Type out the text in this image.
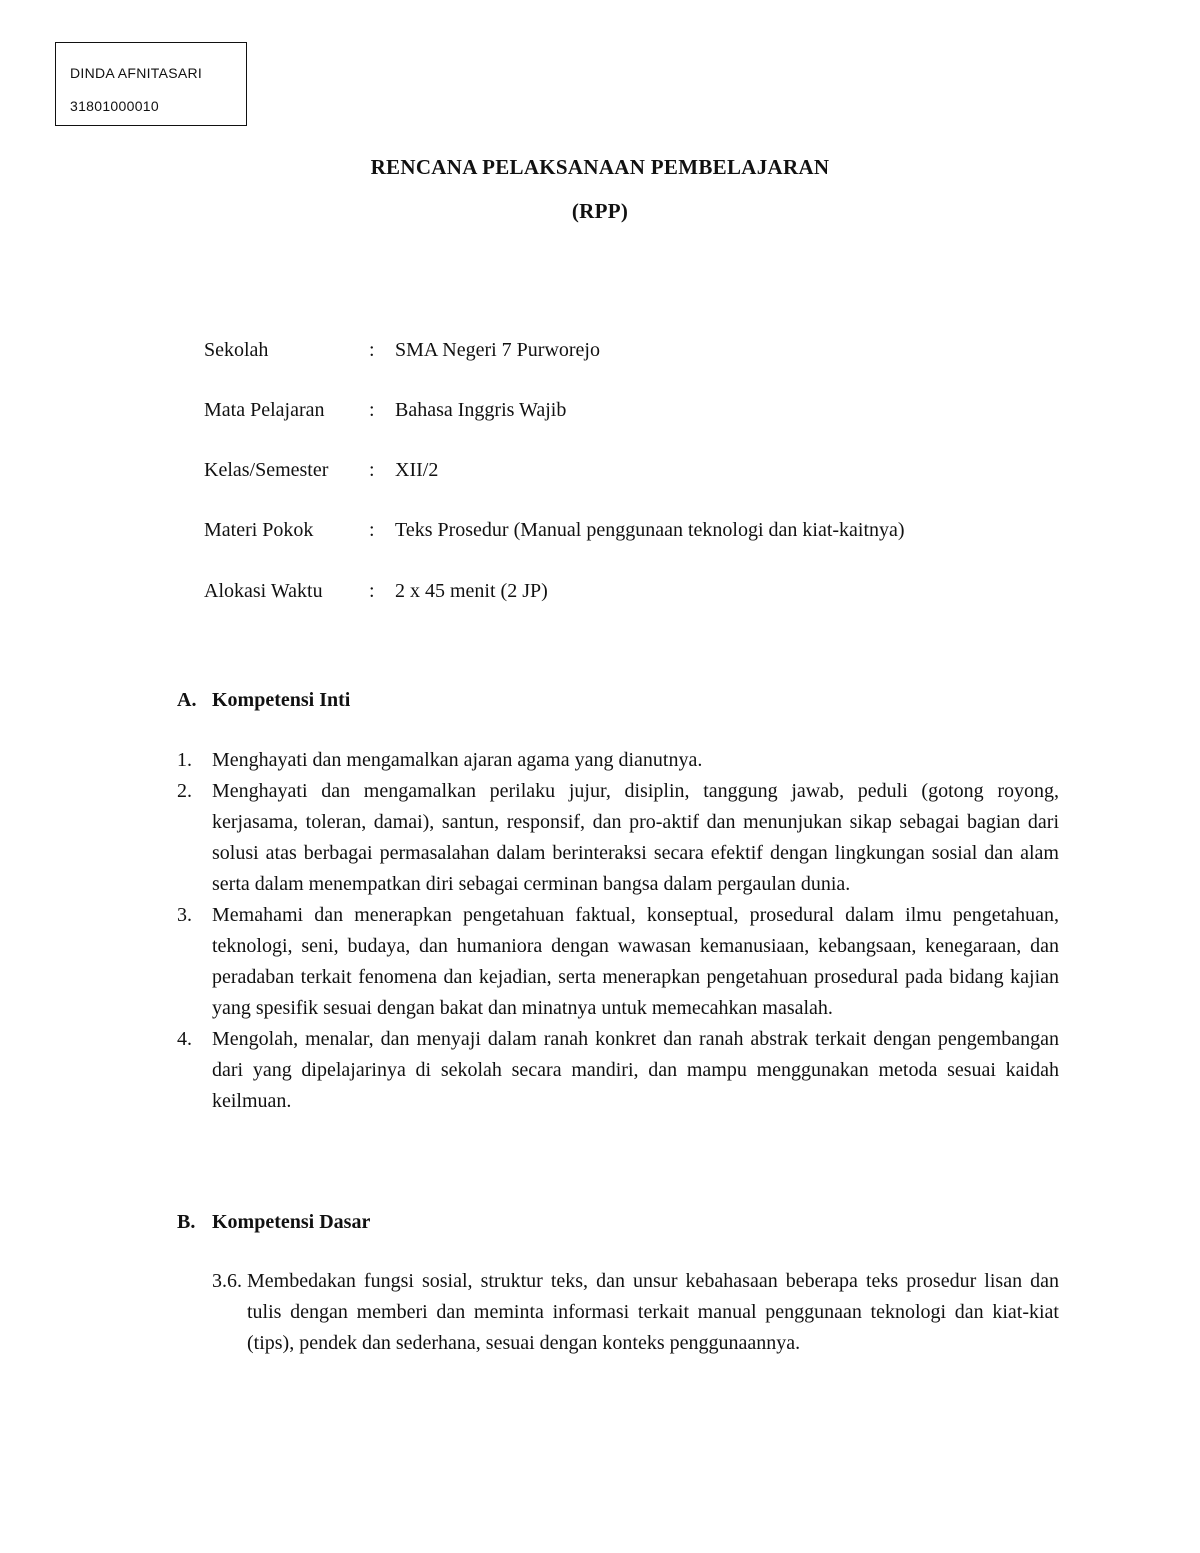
DINDA AFNITASARI
31801000010
RENCANA PELAKSANAAN PEMBELAJARAN
(RPP)
Sekolah	: SMA Negeri 7 Purworejo
Mata Pelajaran : Bahasa Inggris Wajib
Kelas/Semester : XII/2
Materi Pokok	: Teks Prosedur (Manual penggunaan teknologi dan kiat-kaitnya)
Alokasi Waktu : 2 x 45 menit (2 JP)
A. Kompetensi Inti
1. Menghayati dan mengamalkan ajaran agama yang dianutnya.
2. Menghayati dan mengamalkan perilaku jujur, disiplin, tanggung jawab, peduli (gotong royong, kerjasama, toleran, damai), santun, responsif, dan pro-aktif dan menunjukan sikap sebagai bagian dari solusi atas berbagai permasalahan dalam berinteraksi secara efektif dengan lingkungan sosial dan alam serta dalam menempatkan diri sebagai cerminan bangsa dalam pergaulan dunia.
3. Memahami dan menerapkan pengetahuan faktual, konseptual, prosedural dalam ilmu pengetahuan, teknologi, seni, budaya, dan humaniora dengan wawasan kemanusiaan, kebangsaan, kenegaraan, dan peradaban terkait fenomena dan kejadian, serta menerapkan pengetahuan prosedural pada bidang kajian yang spesifik sesuai dengan bakat dan minatnya untuk memecahkan masalah.
4. Mengolah, menalar, dan menyaji dalam ranah konkret dan ranah abstrak terkait dengan pengembangan dari yang dipelajarinya di sekolah secara mandiri, dan mampu menggunakan metoda sesuai kaidah keilmuan.
B. Kompetensi Dasar
3.6. Membedakan fungsi sosial, struktur teks, dan unsur kebahasaan beberapa teks prosedur lisan dan tulis dengan memberi dan meminta informasi terkait manual penggunaan teknologi dan kiat-kiat (tips), pendek dan sederhana, sesuai dengan konteks penggunaannya.
